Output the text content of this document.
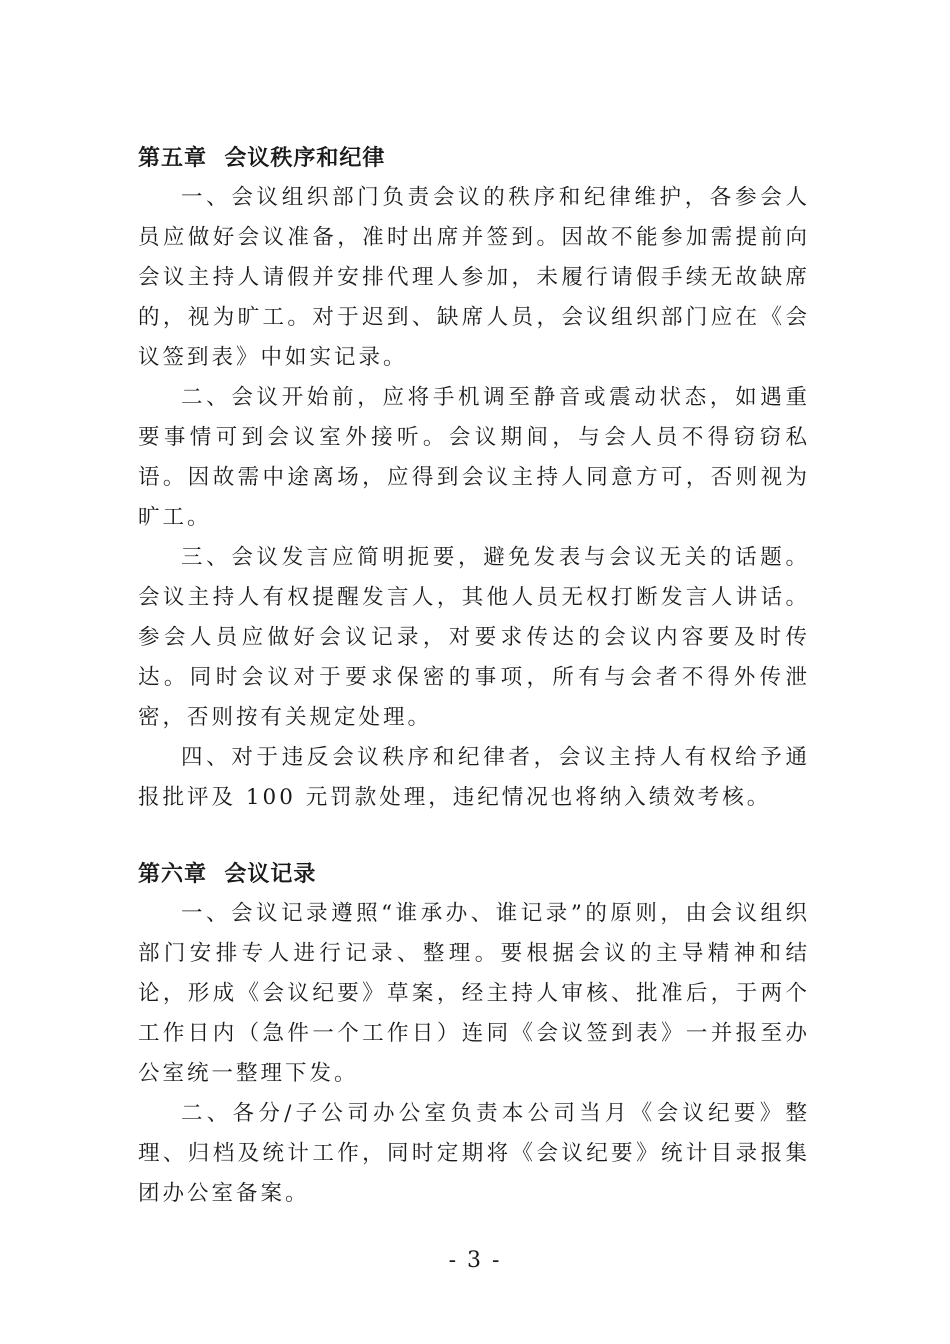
第五章  会议秩序和纪律

一、会议组织部门负责会议的秩序和纪律维护，各参会人员应做好会议准备，准时出席并签到。因故不能参加需提前向会议主持人请假并安排代理人参加，未履行请假手续无故缺席的，视为旷工。对于迟到、缺席人员，会议组织部门应在《会议签到表》中如实记录。

二、会议开始前，应将手机调至静音或震动状态，如遇重要事情可到会议室外接听。会议期间，与会人员不得窃窃私语。因故需中途离场，应得到会议主持人同意方可，否则视为旷工。

三、会议发言应简明扼要，避免发表与会议无关的话题。会议主持人有权提醒发言人，其他人员无权打断发言人讲话。参会人员应做好会议记录，对要求传达的会议内容要及时传达。同时会议对于要求保密的事项，所有与会者不得外传泄密，否则按有关规定处理。

四、对于违反会议秩序和纪律者，会议主持人有权给予通报批评及 100 元罚款处理，违纪情况也将纳入绩效考核。

第六章  会议记录

一、会议记录遵照“谁承办、谁记录”的原则，由会议组织部门安排专人进行记录、整理。要根据会议的主导精神和结论，形成《会议纪要》草案，经主持人审核、批准后，于两个工作日内（急件一个工作日）连同《会议签到表》一并报至办公室统一整理下发。

二、各分/子公司办公室负责本公司当月《会议纪要》整理、归档及统计工作，同时定期将《会议纪要》统计目录报集团办公室备案。

- 3 -
